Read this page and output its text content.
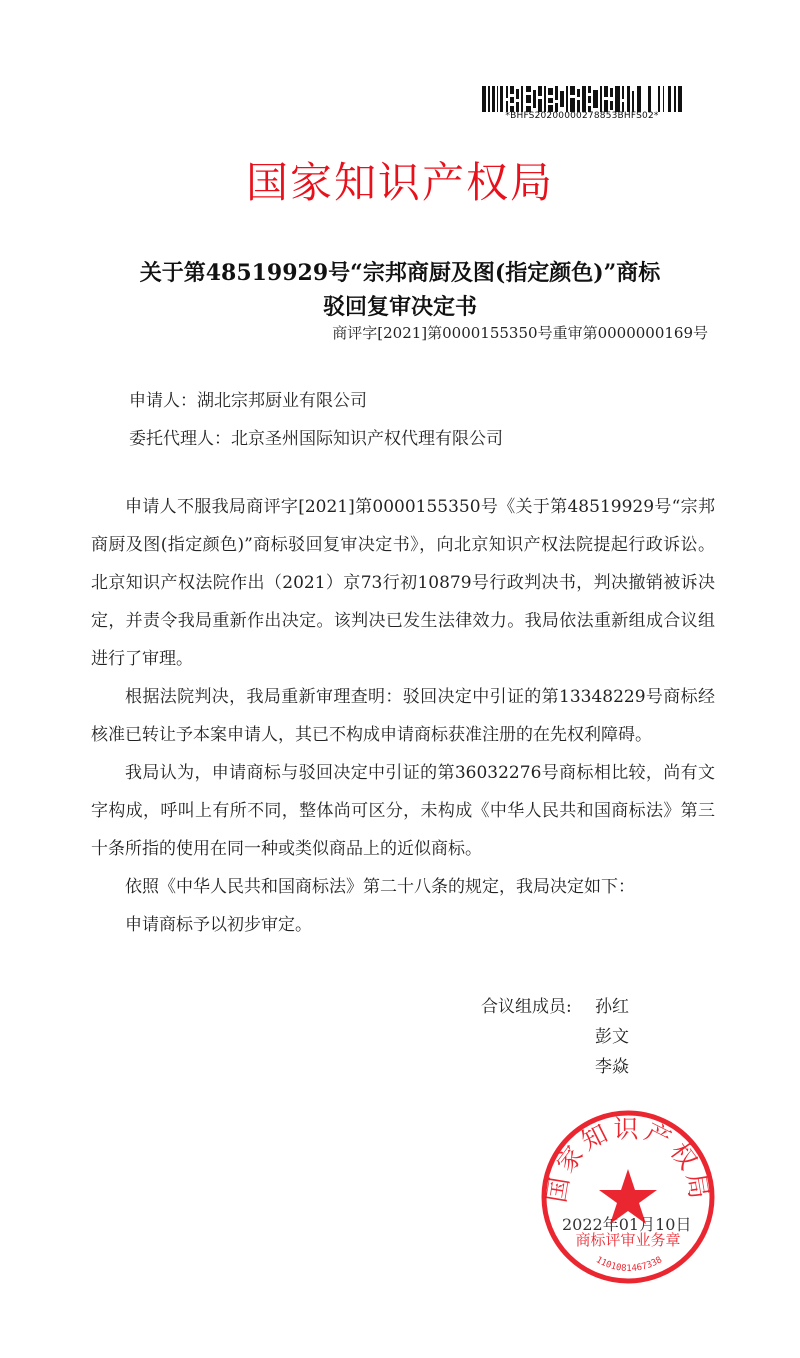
*BHFS20200000278853BHFS02*
国家知识产权局
关于第48519929号“宗邦商厨及图(指定颜色)”商标
驳回复审决定书
商评字[2021]第0000155350号重审第0000000169号
申请人：湖北宗邦厨业有限公司
委托代理人：北京圣州国际知识产权代理有限公司

申请人不服我局商评字[2021]第0000155350号《关于第48519929号“宗邦商厨及图(指定颜色)”商标驳回复审决定书》，向北京知识产权法院提起行政诉讼。北京知识产权法院作出（2021）京73行初10879号行政判决书，判决撤销被诉决定，并责令我局重新作出决定。该判决已发生法律效力。我局依法重新组成合议组进行了审理。

根据法院判决，我局重新审理查明：驳回决定中引证的第13348229号商标经核准已转让予本案申请人，其已不构成申请商标获准注册的在先权利障碍。

我局认为，申请商标与驳回决定中引证的第36032276号商标相比较，尚有文字构成，呼叫上有所不同，整体尚可区分，未构成《中华人民共和国商标法》第三十条所指的使用在同一种或类似商品上的近似商标。

依照《中华人民共和国商标法》第二十八条的规定，我局决定如下：

申请商标予以初步审定。

合议组成员: 孙红
彭文
李焱
2022年01月10日
国家知识产权局
商标评审业务章
1101081467338
